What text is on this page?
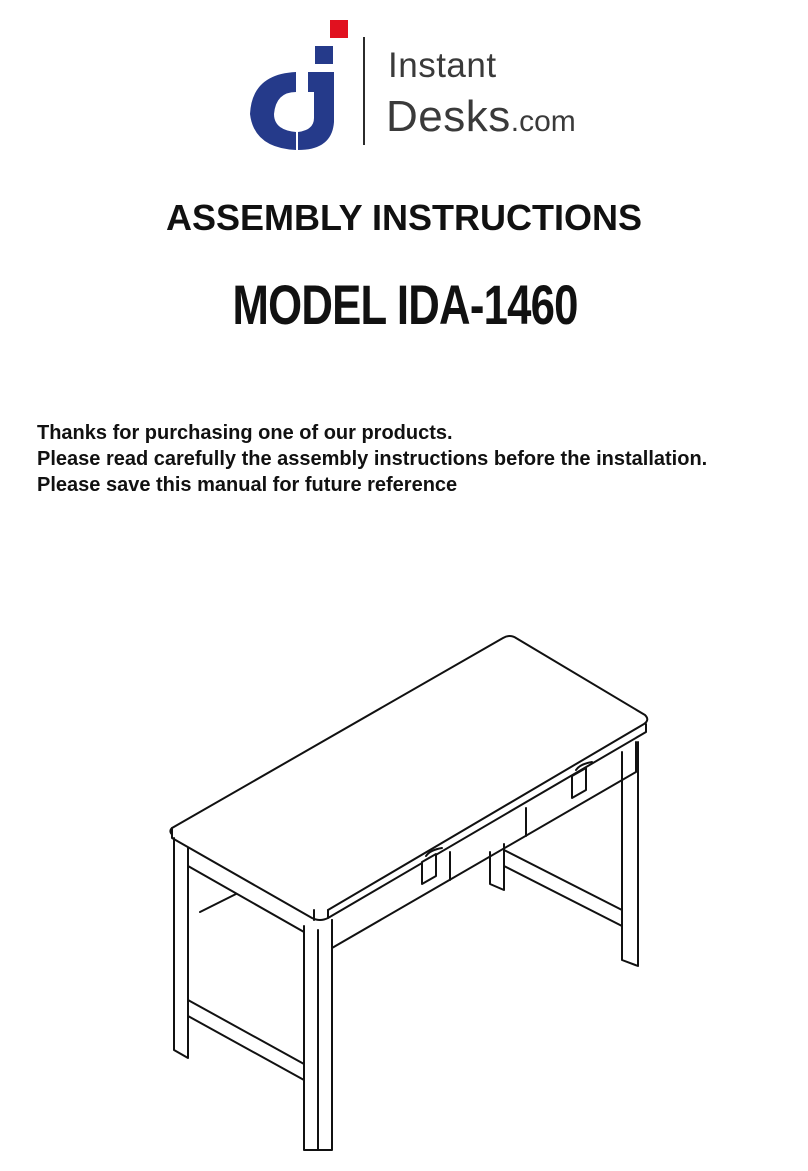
Instant
Desks.com
ASSEMBLY INSTRUCTIONS
MODEL IDA-1460
Thanks for purchasing one of our products.
Please read carefully the assembly instructions before the installation.
Please save this manual for future reference
